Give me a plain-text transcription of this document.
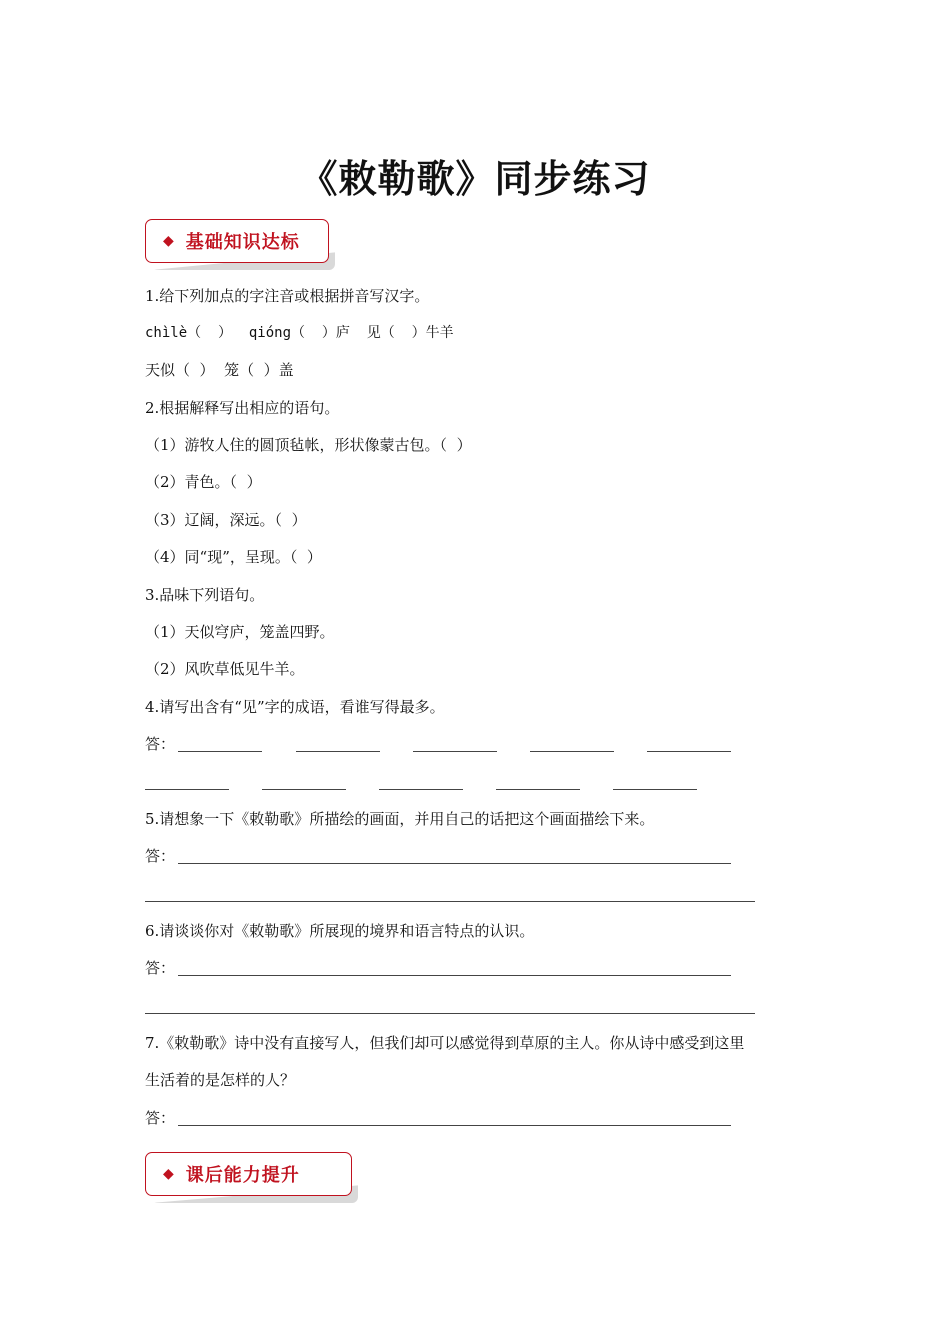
《敕勒歌》同步练习
◆ 基础知识达标
1.给下列加点的字注音或根据拼音写汉字。
chìlè（  ）  qióng（  ）庐  见（  ）牛羊
天似（  ）  笼（  ）盖
2.根据解释写出相应的语句。
（1）游牧人住的圆顶毡帐，形状像蒙古包。（  ）
（2）青色。（  ）
（3）辽阔，深远。（  ）
（4）同“现”，呈现。（  ）
3.品味下列语句。
（1）天似穹庐，笼盖四野。
（2）风吹草低见牛羊。
4.请写出含有“见”字的成语，看谁写得最多。
答：
5.请想象一下《敕勒歌》所描绘的画面，并用自己的话把这个画面描绘下来。
答：
6.请谈谈你对《敕勒歌》所展现的境界和语言特点的认识。
答：
7.《敕勒歌》诗中没有直接写人，但我们却可以感觉得到草原的主人。你从诗中感受到这里
生活着的是怎样的人？
答：
◆ 课后能力提升
